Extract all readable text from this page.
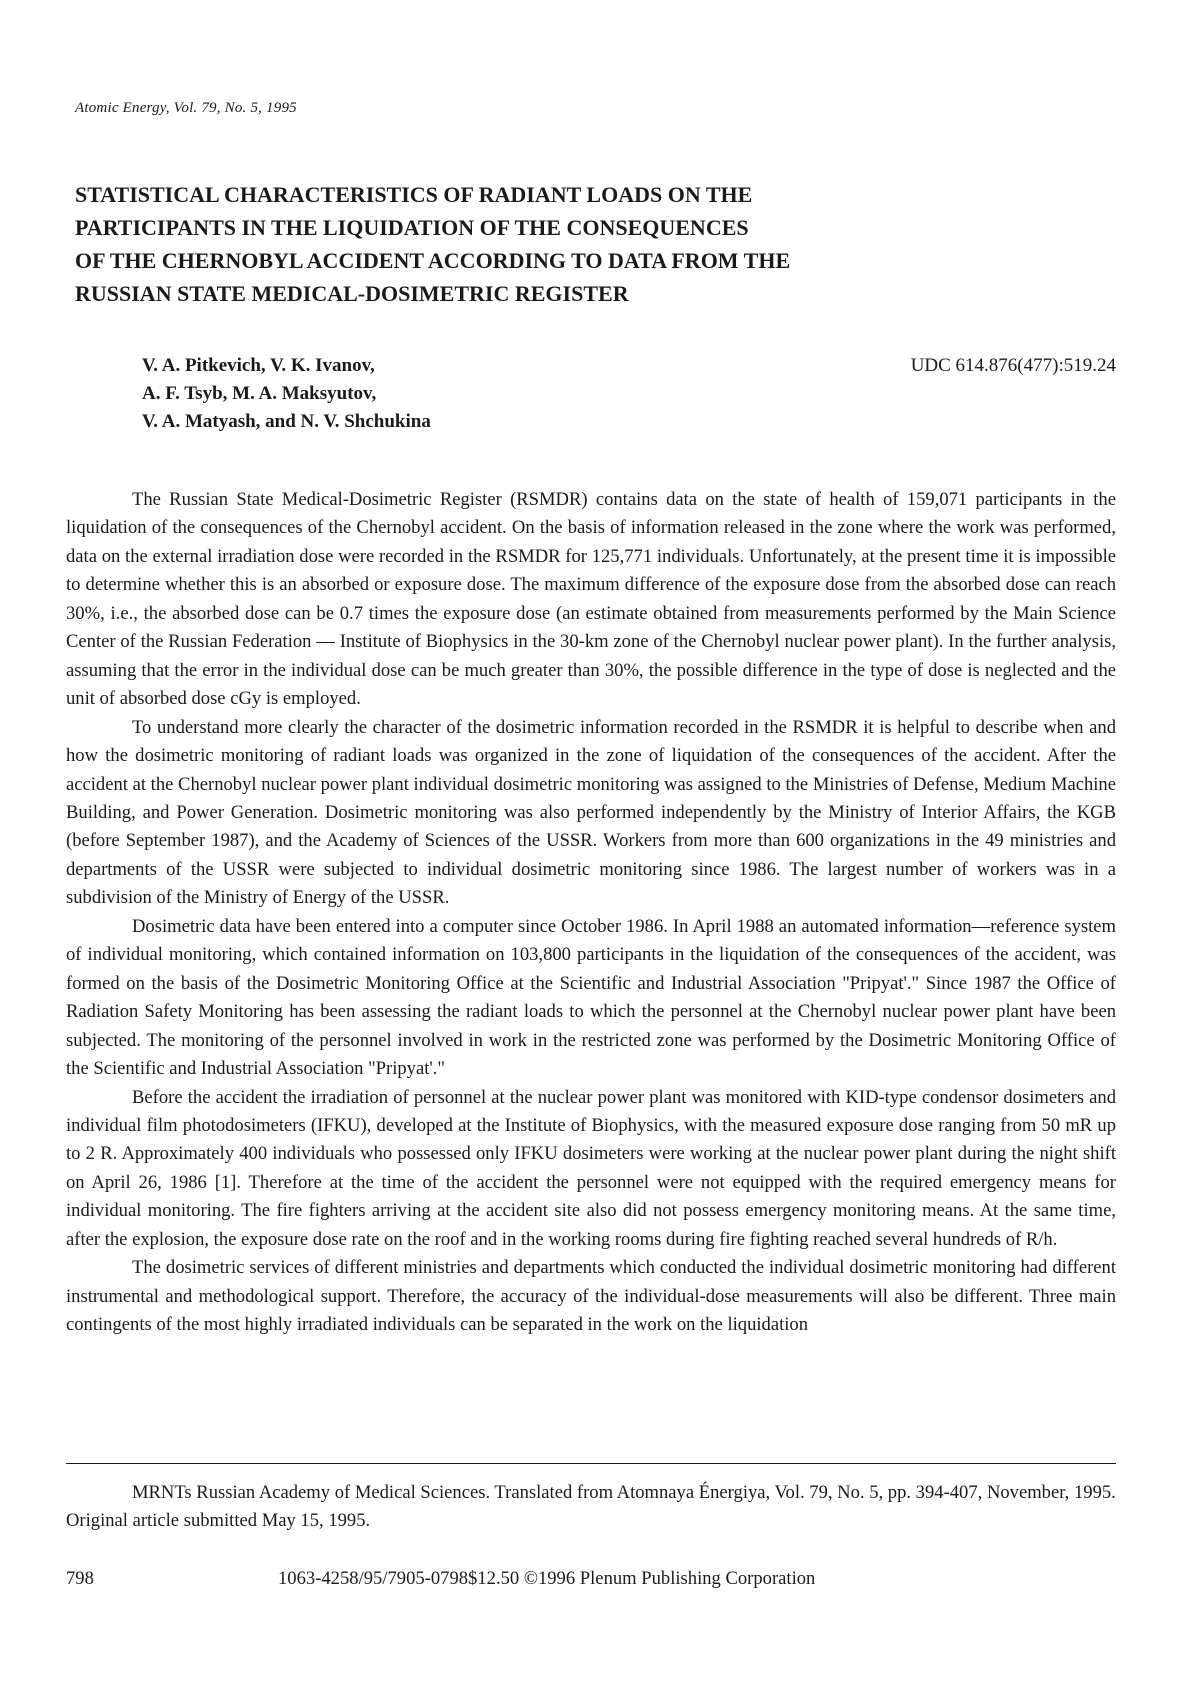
Atomic Energy, Vol. 79, No. 5, 1995
STATISTICAL CHARACTERISTICS OF RADIANT LOADS ON THE
PARTICIPANTS IN THE LIQUIDATION OF THE CONSEQUENCES
OF THE CHERNOBYL ACCIDENT ACCORDING TO DATA FROM THE
RUSSIAN STATE MEDICAL-DOSIMETRIC REGISTER
V. A. Pitkevich, V. K. Ivanov,
A. F. Tsyb, M. A. Maksyutov,
V. A. Matyash, and N. V. Shchukina
UDC 614.876(477):519.24

The Russian State Medical-Dosimetric Register (RSMDR) contains data on the state of health of 159,071 participants in the liquidation of the consequences of the Chernobyl accident. On the basis of information released in the zone where the work was performed, data on the external irradiation dose were recorded in the RSMDR for 125,771 individuals. Unfortunately, at the present time it is impossible to determine whether this is an absorbed or exposure dose. The maximum difference of the exposure dose from the absorbed dose can reach 30%, i.e., the absorbed dose can be 0.7 times the exposure dose (an estimate obtained from measurements performed by the Main Science Center of the Russian Federation — Institute of Biophysics in the 30-km zone of the Chernobyl nuclear power plant). In the further analysis, assuming that the error in the individual dose can be much greater than 30%, the possible difference in the type of dose is neglected and the unit of absorbed dose cGy is employed.

To understand more clearly the character of the dosimetric information recorded in the RSMDR it is helpful to describe when and how the dosimetric monitoring of radiant loads was organized in the zone of liquidation of the consequences of the accident. After the accident at the Chernobyl nuclear power plant individual dosimetric monitoring was assigned to the Ministries of Defense, Medium Machine Building, and Power Generation. Dosimetric monitoring was also performed independently by the Ministry of Interior Affairs, the KGB (before September 1987), and the Academy of Sciences of the USSR. Workers from more than 600 organizations in the 49 ministries and departments of the USSR were subjected to individual dosimetric monitoring since 1986. The largest number of workers was in a subdivision of the Ministry of Energy of the USSR.

Dosimetric data have been entered into a computer since October 1986. In April 1988 an automated information—reference system of individual monitoring, which contained information on 103,800 participants in the liquidation of the consequences of the accident, was formed on the basis of the Dosimetric Monitoring Office at the Scientific and Industrial Association "Pripyat'." Since 1987 the Office of Radiation Safety Monitoring has been assessing the radiant loads to which the personnel at the Chernobyl nuclear power plant have been subjected. The monitoring of the personnel involved in work in the restricted zone was performed by the Dosimetric Monitoring Office of the Scientific and Industrial Association "Pripyat'."

Before the accident the irradiation of personnel at the nuclear power plant was monitored with KID-type condensor dosimeters and individual film photodosimeters (IFKU), developed at the Institute of Biophysics, with the measured exposure dose ranging from 50 mR up to 2 R. Approximately 400 individuals who possessed only IFKU dosimeters were working at the nuclear power plant during the night shift on April 26, 1986 [1]. Therefore at the time of the accident the personnel were not equipped with the required emergency means for individual monitoring. The fire fighters arriving at the accident site also did not possess emergency monitoring means. At the same time, after the explosion, the exposure dose rate on the roof and in the working rooms during fire fighting reached several hundreds of R/h.

The dosimetric services of different ministries and departments which conducted the individual dosimetric monitoring had different instrumental and methodological support. Therefore, the accuracy of the individual-dose measurements will also be different. Three main contingents of the most highly irradiated individuals can be separated in the work on the liquidation

MRNTs Russian Academy of Medical Sciences. Translated from Atomnaya Énergiya, Vol. 79, No. 5, pp. 394-407, November, 1995. Original article submitted May 15, 1995.

798	1063-4258/95/7905-0798$12.50 ©1996 Plenum Publishing Corporation
